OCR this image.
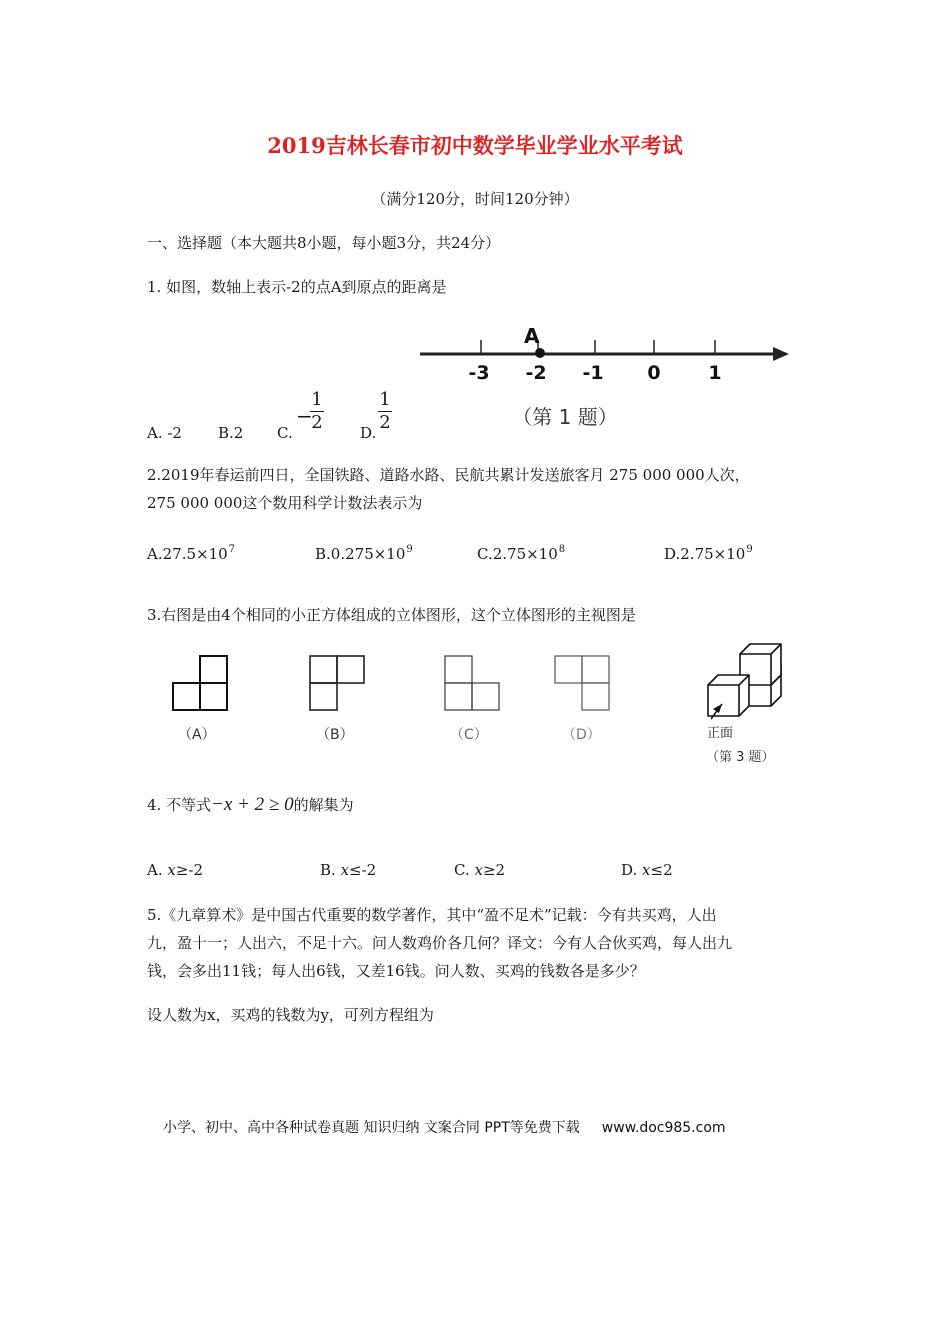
2019吉林长春市初中数学毕业学业水平考试
（满分120分，时间120分钟）
一、选择题（本大题共8小题，每小题3分，共24分）
1. 如图，数轴上表示-2的点A到原点的距离是
A
-3 -2 -1 0	1
（第 1 题）
A. -2 B.2 C.
−
1
2 D.
1
2
2.2019年春运前四日，全国铁路、道路水路、民航共累计发送旅客月 275 000 000人次，
275 000 000这个数用科学计数法表示为
$A.27.5\times 10^7$	$B.0.275\times 10^9$	$C.2.75\times 10^8$	$D.2.75\times 10^9$
3.右图是由4个相同的小正方体组成的立体图形，这个立体图形的主视图是
（A）	（B）	（C）	（D）	正面
（第 3 题）
4. 不等式−x + 2 ≥ 0的解集为
A. x≥-2	B. x≤-2	C. x≥2	D. x≤2
5.《九章算术》是中国古代重要的数学著作，其中“盈不足术”记载：今有共买鸡，人出
九，盈十一；人出六，不足十六。问人数鸡价各几何？译文：今有人合伙买鸡，每人出九
钱，会多出11钱；每人出6钱，又差16钱。问人数、买鸡的钱数各是多少？
设人数为x，买鸡的钱数为y，可列方程组为
小学、初中、高中各种试卷真题 知识归纳 文案合同 PPT等免费下载 www.doc985.com
